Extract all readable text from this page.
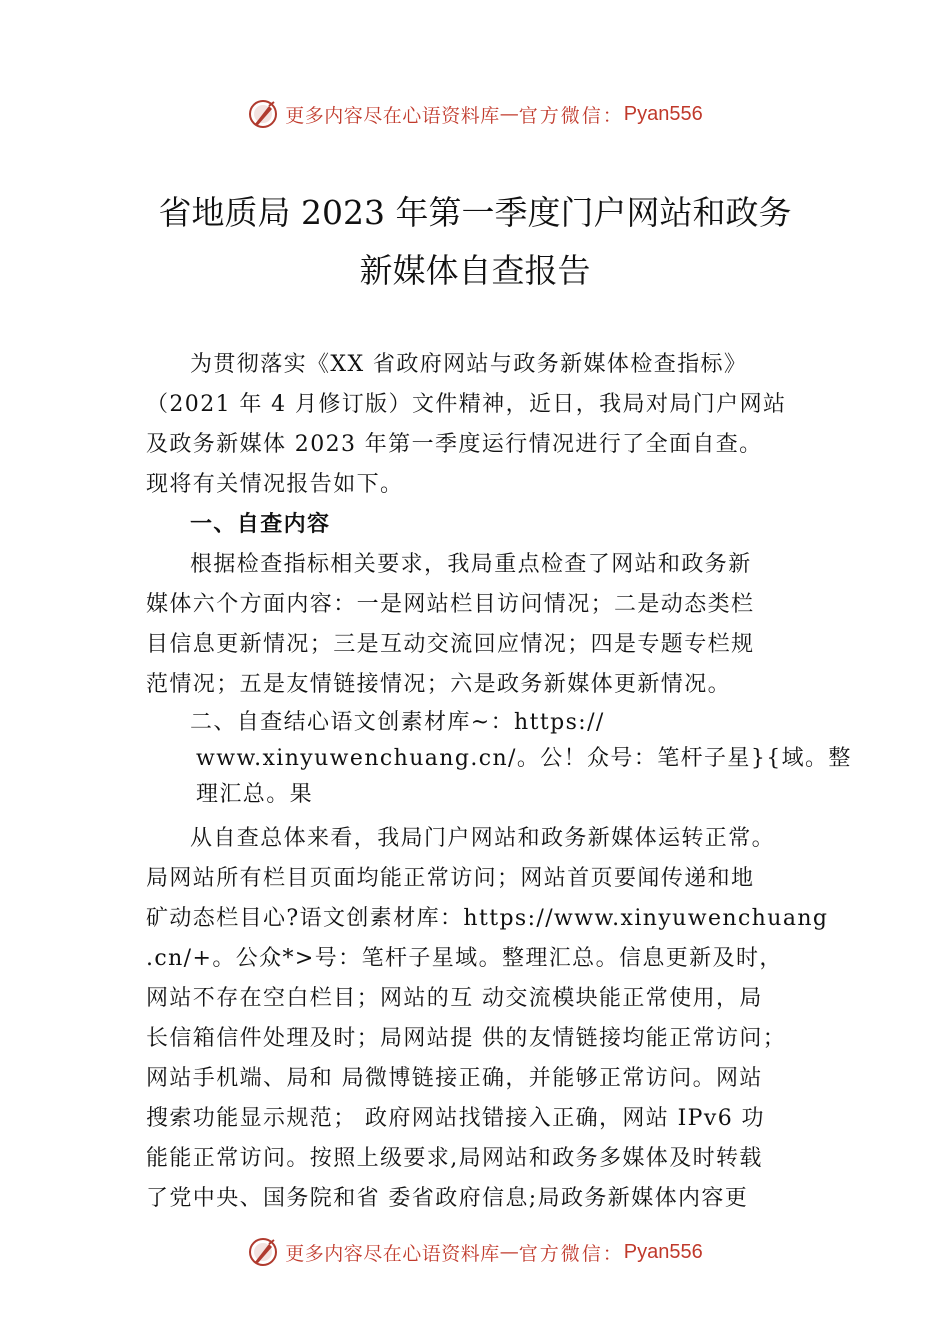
更多内容尽在心语资料库 — 官方微信： Pyan556
省地质局 2023 年第一季度门户网站和政务
新媒体自查报告
为贯彻落实《XX 省政府网站与政务新媒体检查指标》
（2021 年 4 月修订版）文件精神，近日，我局对局门户网站
及政务新媒体 2023 年第一季度运行情况进行了全面自查。
现将有关情况报告如下。
一、自查内容
根据检查指标相关要求，我局重点检查了网站和政务新
媒体六个方面内容：一是网站栏目访问情况；二是动态类栏
目信息更新情况；三是互动交流回应情况；四是专题专栏规
范情况；五是友情链接情况；六是政务新媒体更新情况。
二、自查结心语文创素材库~：https://
www.xinyuwenchuang.cn/。公！众号：笔杆子星}{域。整
理汇总。果
从自查总体来看，我局门户网站和政务新媒体运转正常。
局网站所有栏目页面均能正常访问；网站首页要闻传递和地
矿动态栏目心?语文创素材库：https://www.xinyuwenchuang
.cn/+。公众*>号：笔杆子星域。整理汇总。信息更新及时，
网站不存在空白栏目；网站的互 动交流模块能正常使用，局
长信箱信件处理及时；局网站提 供的友情链接均能正常访问；
网站手机端、局和 局微博链接正确，并能够正常访问。网站
搜索功能显示规范； 政府网站找错接入正确，网站 IPv6 功
能能正常访问。按照上级要求,局网站和政务多媒体及时转载
了党中央、国务院和省 委省政府信息;局政务新媒体内容更
更多内容尽在心语资料库 — 官方微信： Pyan556
